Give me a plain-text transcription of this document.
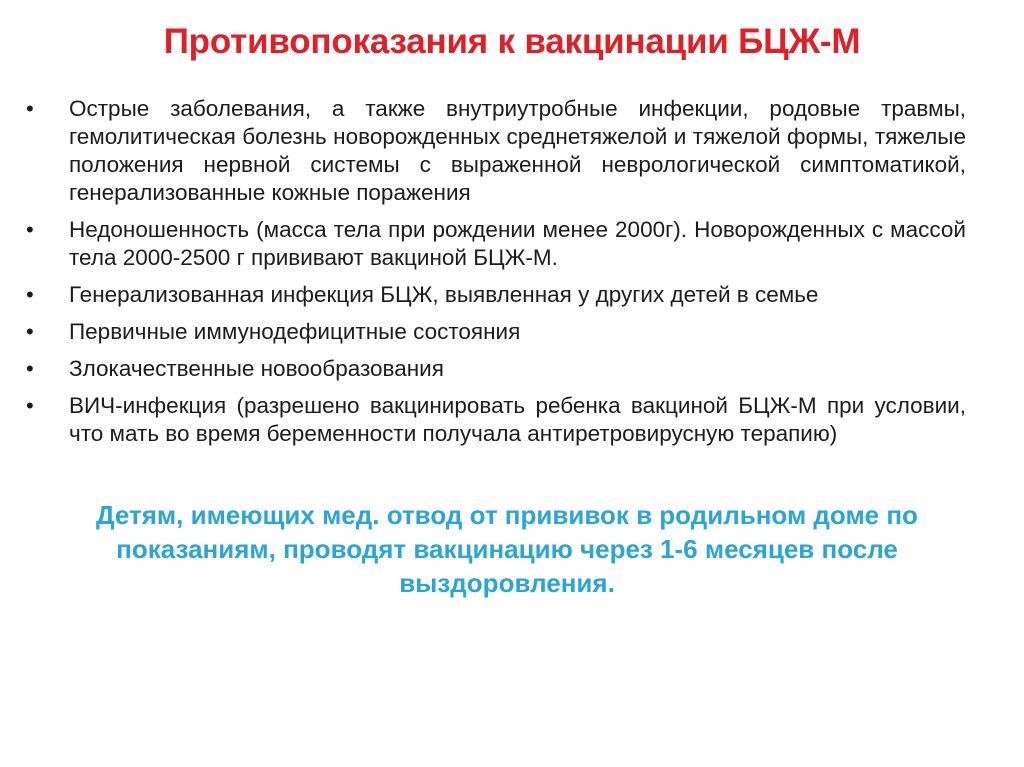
Противопоказания к вакцинации БЦЖ-М
• Острые заболевания, а также внутриутробные инфекции, родовые травмы, гемолитическая болезнь новорожденных среднетяжелой и тяжелой формы, тяжелые положения нервной системы с выраженной неврологической симптоматикой, генерализованные кожные поражения
• Недоношенность (масса тела при рождении менее 2000г). Новорожденных с массой тела 2000-2500 г прививают вакциной БЦЖ-М.
• Генерализованная инфекция БЦЖ, выявленная у других детей в семье
• Первичные иммунодефицитные состояния
• Злокачественные новообразования
• ВИЧ-инфекция (разрешено вакцинировать ребенка вакциной БЦЖ-М при условии, что мать во время беременности получала антиретровирусную терапию)

Детям, имеющих мед. отвод от прививок в родильном доме по показаниям, проводят вакцинацию через 1-6 месяцев после выздоровления.
